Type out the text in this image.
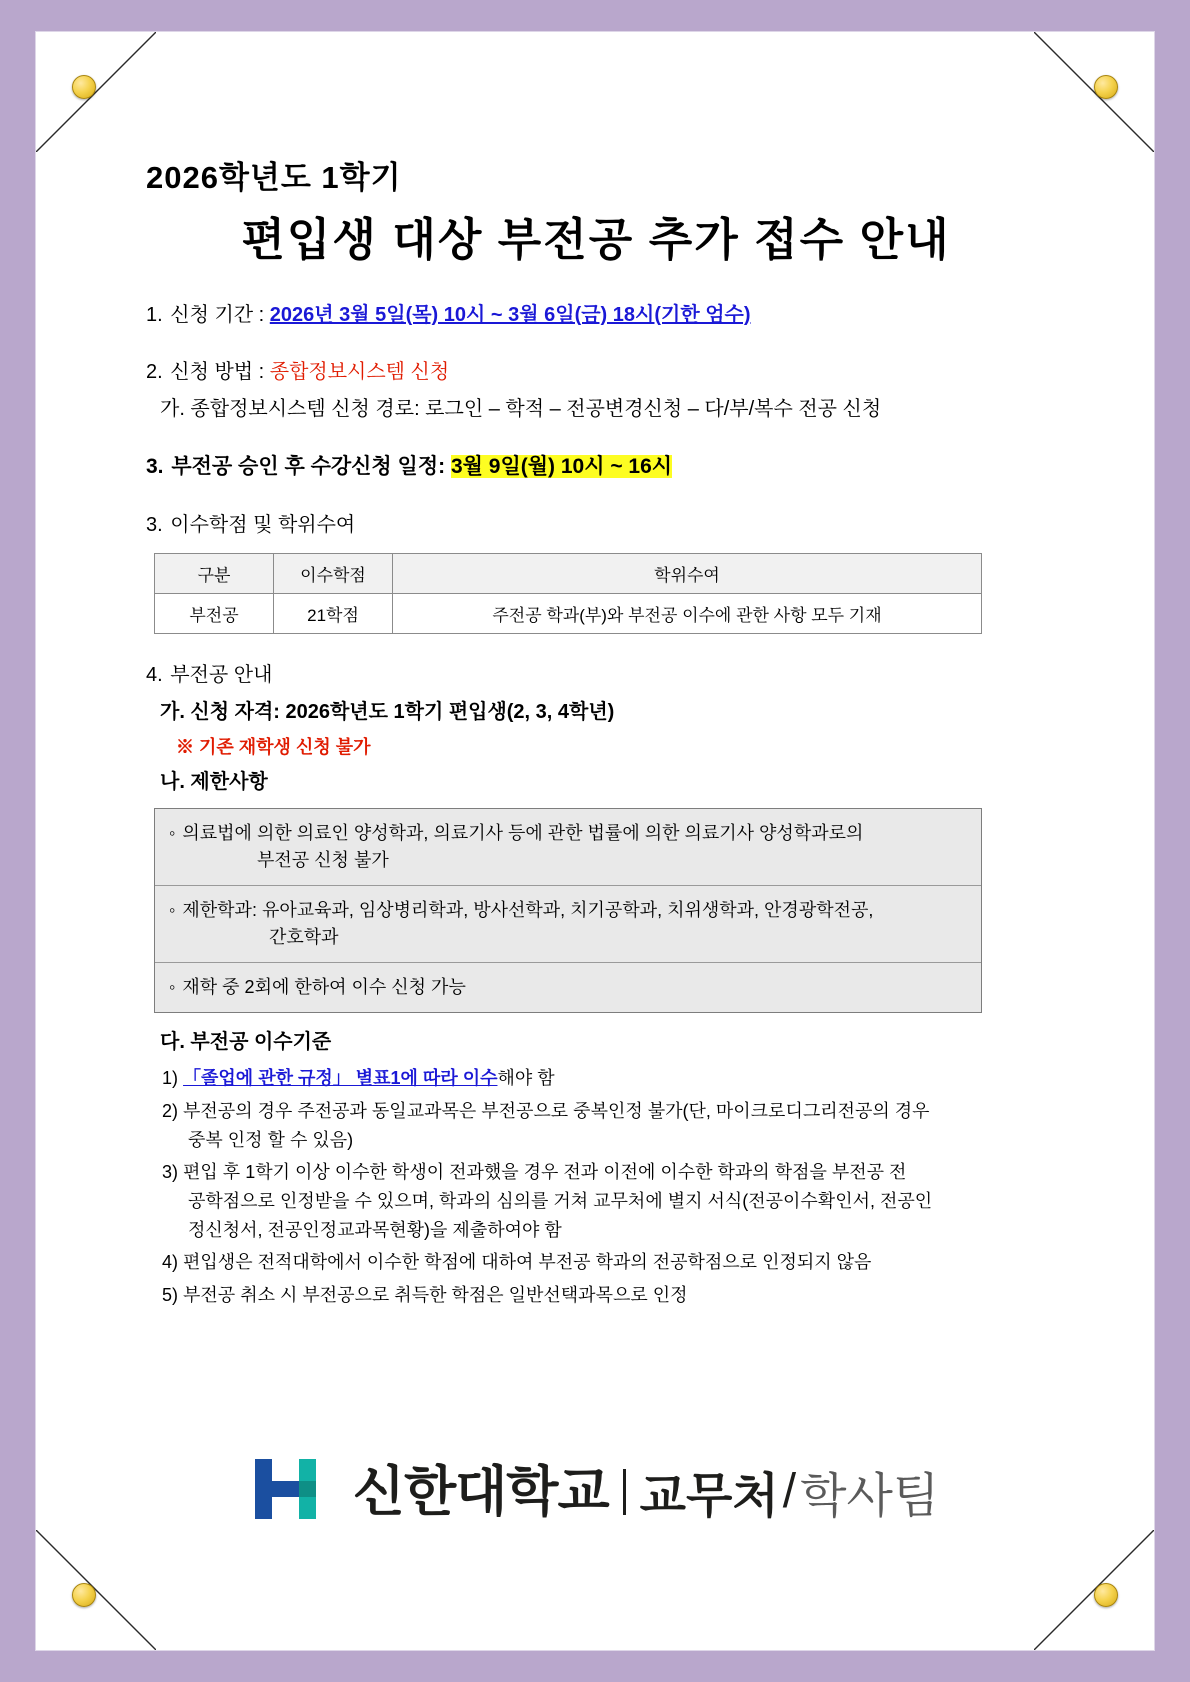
2026학년도 1학기
편입생 대상 부전공 추가 접수 안내
1. 신청 기간 : 2026년 3월 5일(목) 10시 ~ 3월 6일(금) 18시(기한 엄수)
2. 신청 방법 : 종합정보시스템 신청
가. 종합정보시스템 신청 경로: 로그인 – 학적 – 전공변경신청 – 다/부/복수 전공 신청
3. 부전공 승인 후 수강신청 일정: 3월 9일(월) 10시 ~ 16시
3. 이수학점 및 학위수여
구분	이수학점	학위수여
부전공	21학점	주전공 학과(부)와 부전공 이수에 관한 사항 모두 기재
4. 부전공 안내
가. 신청 자격: 2026학년도 1학기 편입생(2, 3, 4학년)
※ 기존 재학생 신청 불가
나. 제한사항
◦ 의료법에 의한 의료인 양성학과, 의료기사 등에 관한 법률에 의한 의료기사 양성학과로의
부전공 신청 불가
◦ 제한학과: 유아교육과, 임상병리학과, 방사선학과, 치기공학과, 치위생학과, 안경광학전공,
간호학과
◦ 재학 중 2회에 한하여 이수 신청 가능
다. 부전공 이수기준
1) 「졸업에 관한 규정」 별표1에 따라 이수해야 함
2) 부전공의 경우 주전공과 동일교과목은 부전공으로 중복인정 불가(단, 마이크로디그리전공의 경우
중복 인정 할 수 있음)
3) 편입 후 1학기 이상 이수한 학생이 전과했을 경우 전과 이전에 이수한 학과의 학점을 부전공 전
공학점으로 인정받을 수 있으며, 학과의 심의를 거쳐 교무처에 별지 서식(전공이수확인서, 전공인
정신청서, 전공인정교과목현황)을 제출하여야 함
4) 편입생은 전적대학에서 이수한 학점에 대하여 부전공 학과의 전공학점으로 인정되지 않음
5) 부전공 취소 시 부전공으로 취득한 학점은 일반선택과목으로 인정
신한대학교 교무처 / 학사팀
